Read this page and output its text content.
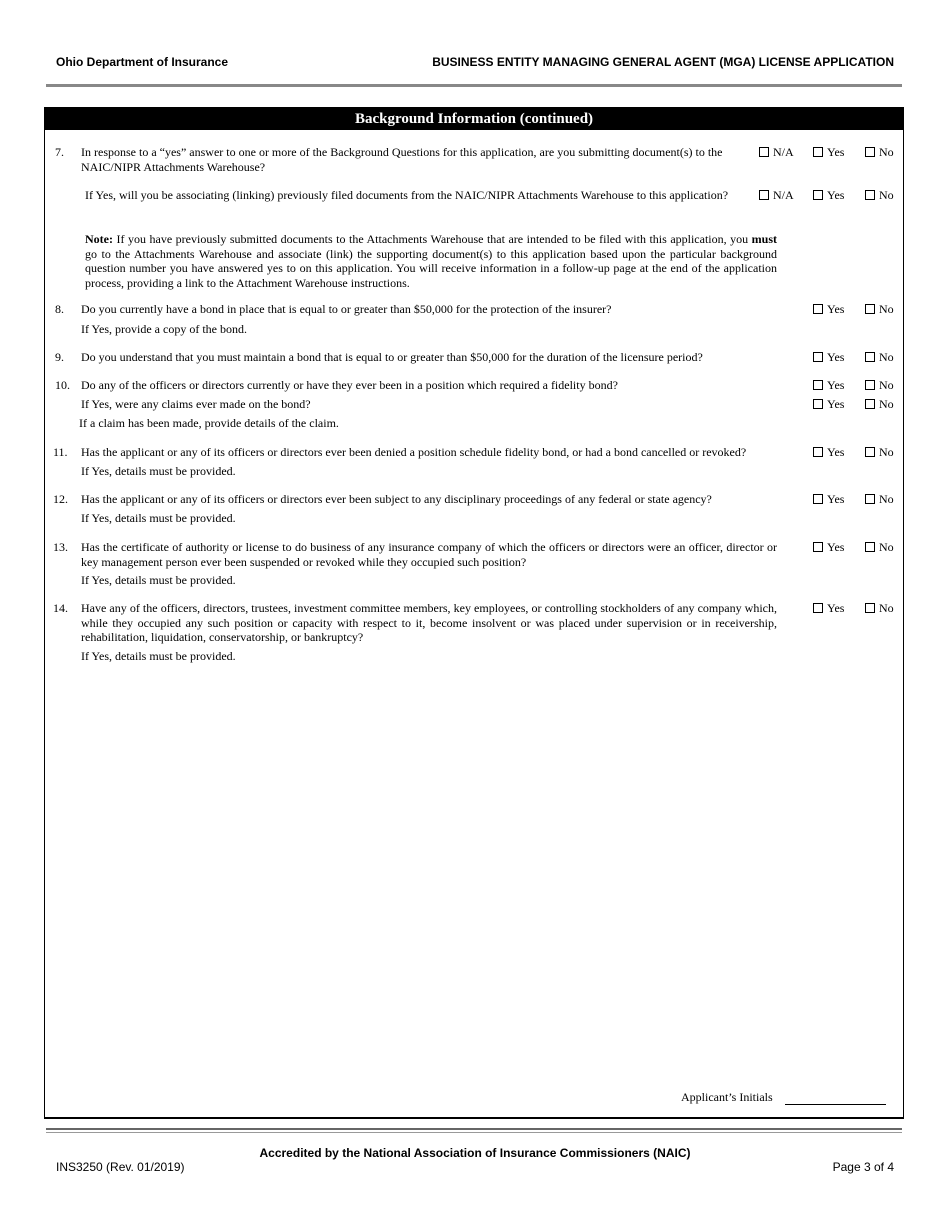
Ohio Department of Insurance	BUSINESS ENTITY MANAGING GENERAL AGENT (MGA) LICENSE APPLICATION
Background Information (continued)
7. In response to a “yes” answer to one or more of the Background Questions for this application, are you submitting document(s) to the NAIC/NIPR Attachments Warehouse?
N/A	Yes	No
If Yes, will you be associating (linking) previously filed documents from the NAIC/NIPR Attachments Warehouse to this application?	N/A	Yes	No
Note: If you have previously submitted documents to the Attachments Warehouse that are intended to be filed with this application, you must go to the Attachments Warehouse and associate (link) the supporting document(s) to this application based upon the particular background question number you have answered yes to on this application. You will receive information in a follow-up page at the end of the application process, providing a link to the Attachment Warehouse instructions.
8. Do you currently have a bond in place that is equal to or greater than $50,000 for the protection of the insurer?	Yes	No
If Yes, provide a copy of the bond.
9. Do you understand that you must maintain a bond that is equal to or greater than $50,000 for the duration of the licensure period?	Yes	No
10. Do any of the officers or directors currently or have they ever been in a position which required a fidelity bond?	Yes	No
If Yes, were any claims ever made on the bond?	Yes	No
If a claim has been made, provide details of the claim.
11. Has the applicant or any of its officers or directors ever been denied a position schedule fidelity bond, or had a bond cancelled or revoked?	Yes	No
If Yes, details must be provided.
12. Has the applicant or any of its officers or directors ever been subject to any disciplinary proceedings of any federal or state agency?	Yes	No
If Yes, details must be provided.
13. Has the certificate of authority or license to do business of any insurance company of which the officers or directors were an officer, director or key management person ever been suspended or revoked while they occupied such position?
Yes	No
If Yes, details must be provided.
14. Have any of the officers, directors, trustees, investment committee members, key employees, or controlling stockholders of any company which, while they occupied any such position or capacity with respect to it, become insolvent or was placed under supervision or in receivership, rehabilitation, liquidation, conservatorship, or bankruptcy?
Yes	No
If Yes, details must be provided.
Applicant’s Initials
Accredited by the National Association of Insurance Commissioners (NAIC)
INS3250 (Rev. 01/2019)	Page 3 of 4
